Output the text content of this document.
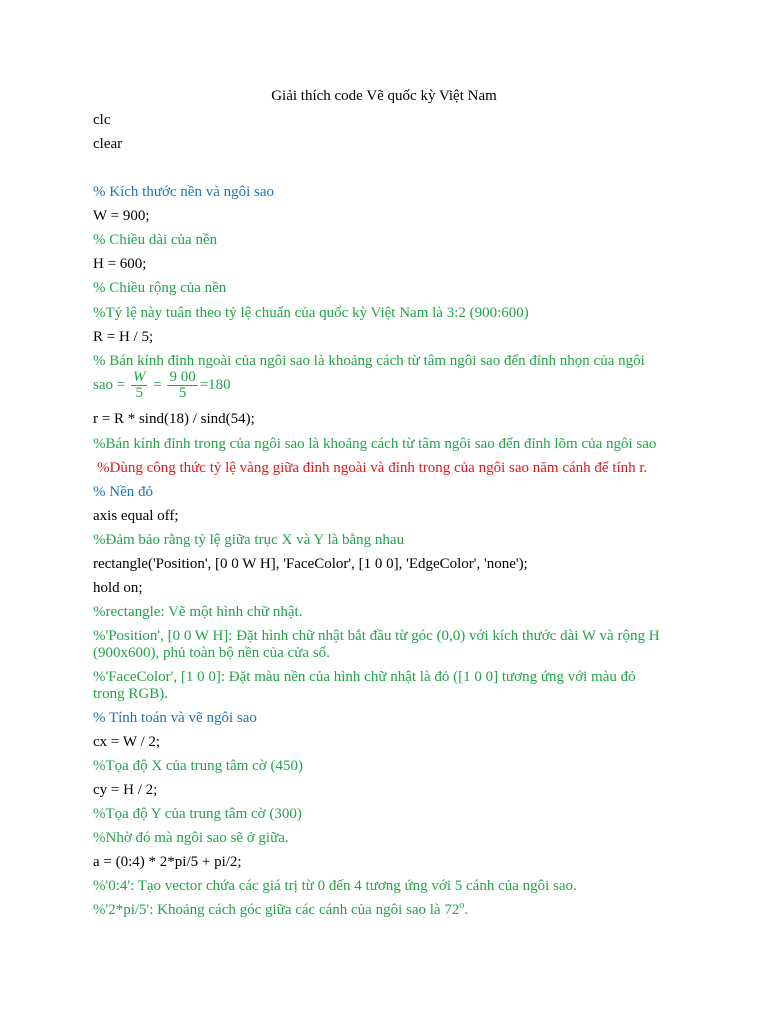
Giải thích code Vẽ quốc kỳ Việt Nam
clc
clear
% Kích thước nền và ngôi sao
W = 900;
% Chiều dài của nền
H = 600;
% Chiều rộng của nền
%Tỷ lệ này tuân theo tỷ lệ chuẩn của quốc kỳ Việt Nam là 3:2 (900:600)
R = H / 5;
% Bán kính đỉnh ngoài của ngôi sao là khoảng cách từ tâm ngôi sao đến đỉnh nhọn của ngôi
sao = $\frac{W}{5} = \frac{9 00}{5} =180$
r = R * sind(18) / sind(54);
%Bán kính đỉnh trong của ngôi sao là khoảng cách từ tâm ngôi sao đến đỉnh lõm của ngôi sao
%Dùng công thức tỷ lệ vàng giữa đỉnh ngoài và đỉnh trong của ngôi sao năm cánh để tính r.
% Nền đỏ
axis equal off;
%Đảm bảo rằng tỷ lệ giữa trục X và Y là bằng nhau
rectangle('Position', [0 0 W H], 'FaceColor', [1 0 0], 'EdgeColor', 'none');
hold on;
%rectangle: Vẽ một hình chữ nhật.
%'Position', [0 0 W H]: Đặt hình chữ nhật bắt đầu từ góc (0,0) với kích thước dài W và rộng H (900x600), phủ toàn bộ nền của cửa sổ.
%'FaceColor', [1 0 0]: Đặt màu nền của hình chữ nhật là đỏ ([1 0 0] tương ứng với màu đỏ trong RGB).
% Tính toán và vẽ ngôi sao
cx = W / 2;
%Tọa độ X của trung tâm cờ (450)
cy = H / 2;
%Tọa độ Y của trung tâm cờ (300)
%Nhờ đó mà ngôi sao sẽ ở giữa.
a = (0:4) * 2*pi/5 + pi/2;
%'0:4': Tạo vector chứa các giá trị từ 0 đến 4 tương ứng với 5 cánh của ngôi sao.
%'2*pi/5': Khoảng cách góc giữa các cánh của ngôi sao là 72$^o$.
